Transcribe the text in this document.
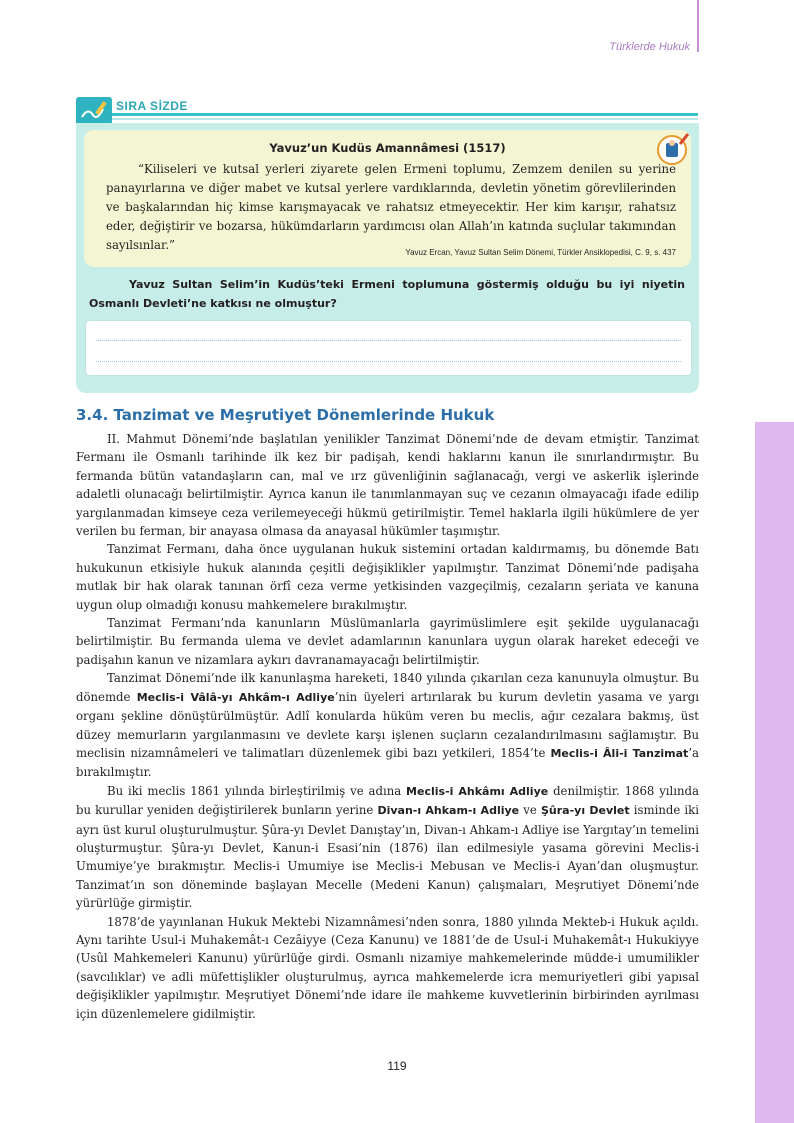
Türklerde Hukuk
SIRA SİZDE
Yavuz’un Kudüs Amannâmesi (1517)

“Kiliseleri ve kutsal yerleri ziyarete gelen Ermeni toplumu, Zemzem denilen su yerine panayırlarına ve diğer mabet ve kutsal yerlere vardıklarında, devletin yönetim görevlilerinden ve başkalarından hiç kimse karışmayacak ve rahatsız etmeyecektir. Her kim karışır, rahatsız eder, değiştirir ve bozarsa, hükümdarların yardımcısı olan Allah’ın katında suçlular takımından sayılsınlar.”

Yavuz Ercan, Yavuz Sultan Selim Dönemi, Türkler Ansiklopedisi, C. 9, s. 437
Yavuz Sultan Selim’in Kudüs’teki Ermeni toplumuna göstermiş olduğu bu iyi niyetin Osmanlı Devleti’ne katkısı ne olmuştur?
3.4. Tanzimat ve Meşrutiyet Dönemlerinde Hukuk

II. Mahmut Dönemi’nde başlatılan yenilikler Tanzimat Dönemi’nde de devam etmiştir. Tanzimat Fermanı ile Osmanlı tarihinde ilk kez bir padişah, kendi haklarını kanun ile sınırlandırmıştır. Bu fermanda bütün vatandaşların can, mal ve ırz güvenliğinin sağlanacağı, vergi ve askerlik işlerinde adaletli olunacağı belirtilmiştir. Ayrıca kanun ile tanımlanmayan suç ve cezanın olmayacağı ifade edilip yargılanmadan kimseye ceza verilemeyeceği hükmü getirilmiştir. Temel haklarla ilgili hükümlere de yer verilen bu ferman, bir anayasa olmasa da anayasal hükümler taşımıştır.

Tanzimat Fermanı, daha önce uygulanan hukuk sistemini ortadan kaldırmamış, bu dönemde Batı hukukunun etkisiyle hukuk alanında çeşitli değişiklikler yapılmıştır. Tanzimat Dönemi’nde padişaha mutlak bir hak olarak tanınan örfî ceza verme yetkisinden vazgeçilmiş, cezaların şeriata ve kanuna uygun olup olmadığı konusu mahkemelere bırakılmıştır.

Tanzimat Fermanı’nda kanunların Müslümanlarla gayrimüslimlere eşit şekilde uygulanacağı belirtilmiştir. Bu fermanda ulema ve devlet adamlarının kanunlara uygun olarak hareket edeceği ve padişahın kanun ve nizamlara aykırı davranamayacağı belirtilmiştir.

Tanzimat Dönemi’nde ilk kanunlaşma hareketi, 1840 yılında çıkarılan ceza kanunuyla olmuştur. Bu dönemde Meclis-i Vâlâ-yı Ahkâm-ı Adliye’nin üyeleri artırılarak bu kurum devletin yasama ve yargı organı şekline dönüştürülmüştür. Adlî konularda hüküm veren bu meclis, ağır cezalara bakmış, üst düzey memurların yargılanmasını ve devlete karşı işlenen suçların cezalandırılmasını sağlamıştır. Bu meclisin nizamnâmeleri ve talimatları düzenlemek gibi bazı yetkileri, 1854’te Meclis-i Âli-i Tanzimat’a bırakılmıştır.

Bu iki meclis 1861 yılında birleştirilmiş ve adına Meclis-i Ahkâmı Adliye denilmiştir. 1868 yılında bu kurullar yeniden değiştirilerek bunların yerine Divan-ı Ahkam-ı Adliye ve Şûra-yı Devlet isminde iki ayrı üst kurul oluşturulmuştur. Şûra-yı Devlet Danıştay’ın, Divan-ı Ahkam-ı Adliye ise Yargıtay’ın temelini oluşturmuştur. Şûra-yı Devlet, Kanun-i Esasi’nin (1876) ilan edilmesiyle yasama görevini Meclis-i Umumiye’ye bırakmıştır. Meclis-i Umumiye ise Meclis-i Mebusan ve Meclis-i Ayan’dan oluşmuştur. Tanzimat’ın son döneminde başlayan Mecelle (Medeni Kanun) çalışmaları, Meşrutiyet Dönemi’nde yürürlüğe girmiştir.

1878’de yayınlanan Hukuk Mektebi Nizamnâmesi’nden sonra, 1880 yılında Mekteb-i Hukuk açıldı. Aynı tarihte Usul-i Muhakemât-ı Cezâiyye (Ceza Kanunu) ve 1881’de de Usul-i Muhakemât-ı Hukukiyye (Usûl Mahkemeleri Kanunu) yürürlüğe girdi. Osmanlı nizamiye mahkemelerinde müdde-i umumilikler (savcılıklar) ve adli müfettişlikler oluşturulmuş, ayrıca mahkemelerde icra memuriyetleri gibi yapısal değişiklikler yapılmıştır. Meşrutiyet Dönemi’nde idare ile mahkeme kuvvetlerinin birbirinden ayrılması için düzenlemelere gidilmiştir.

119
